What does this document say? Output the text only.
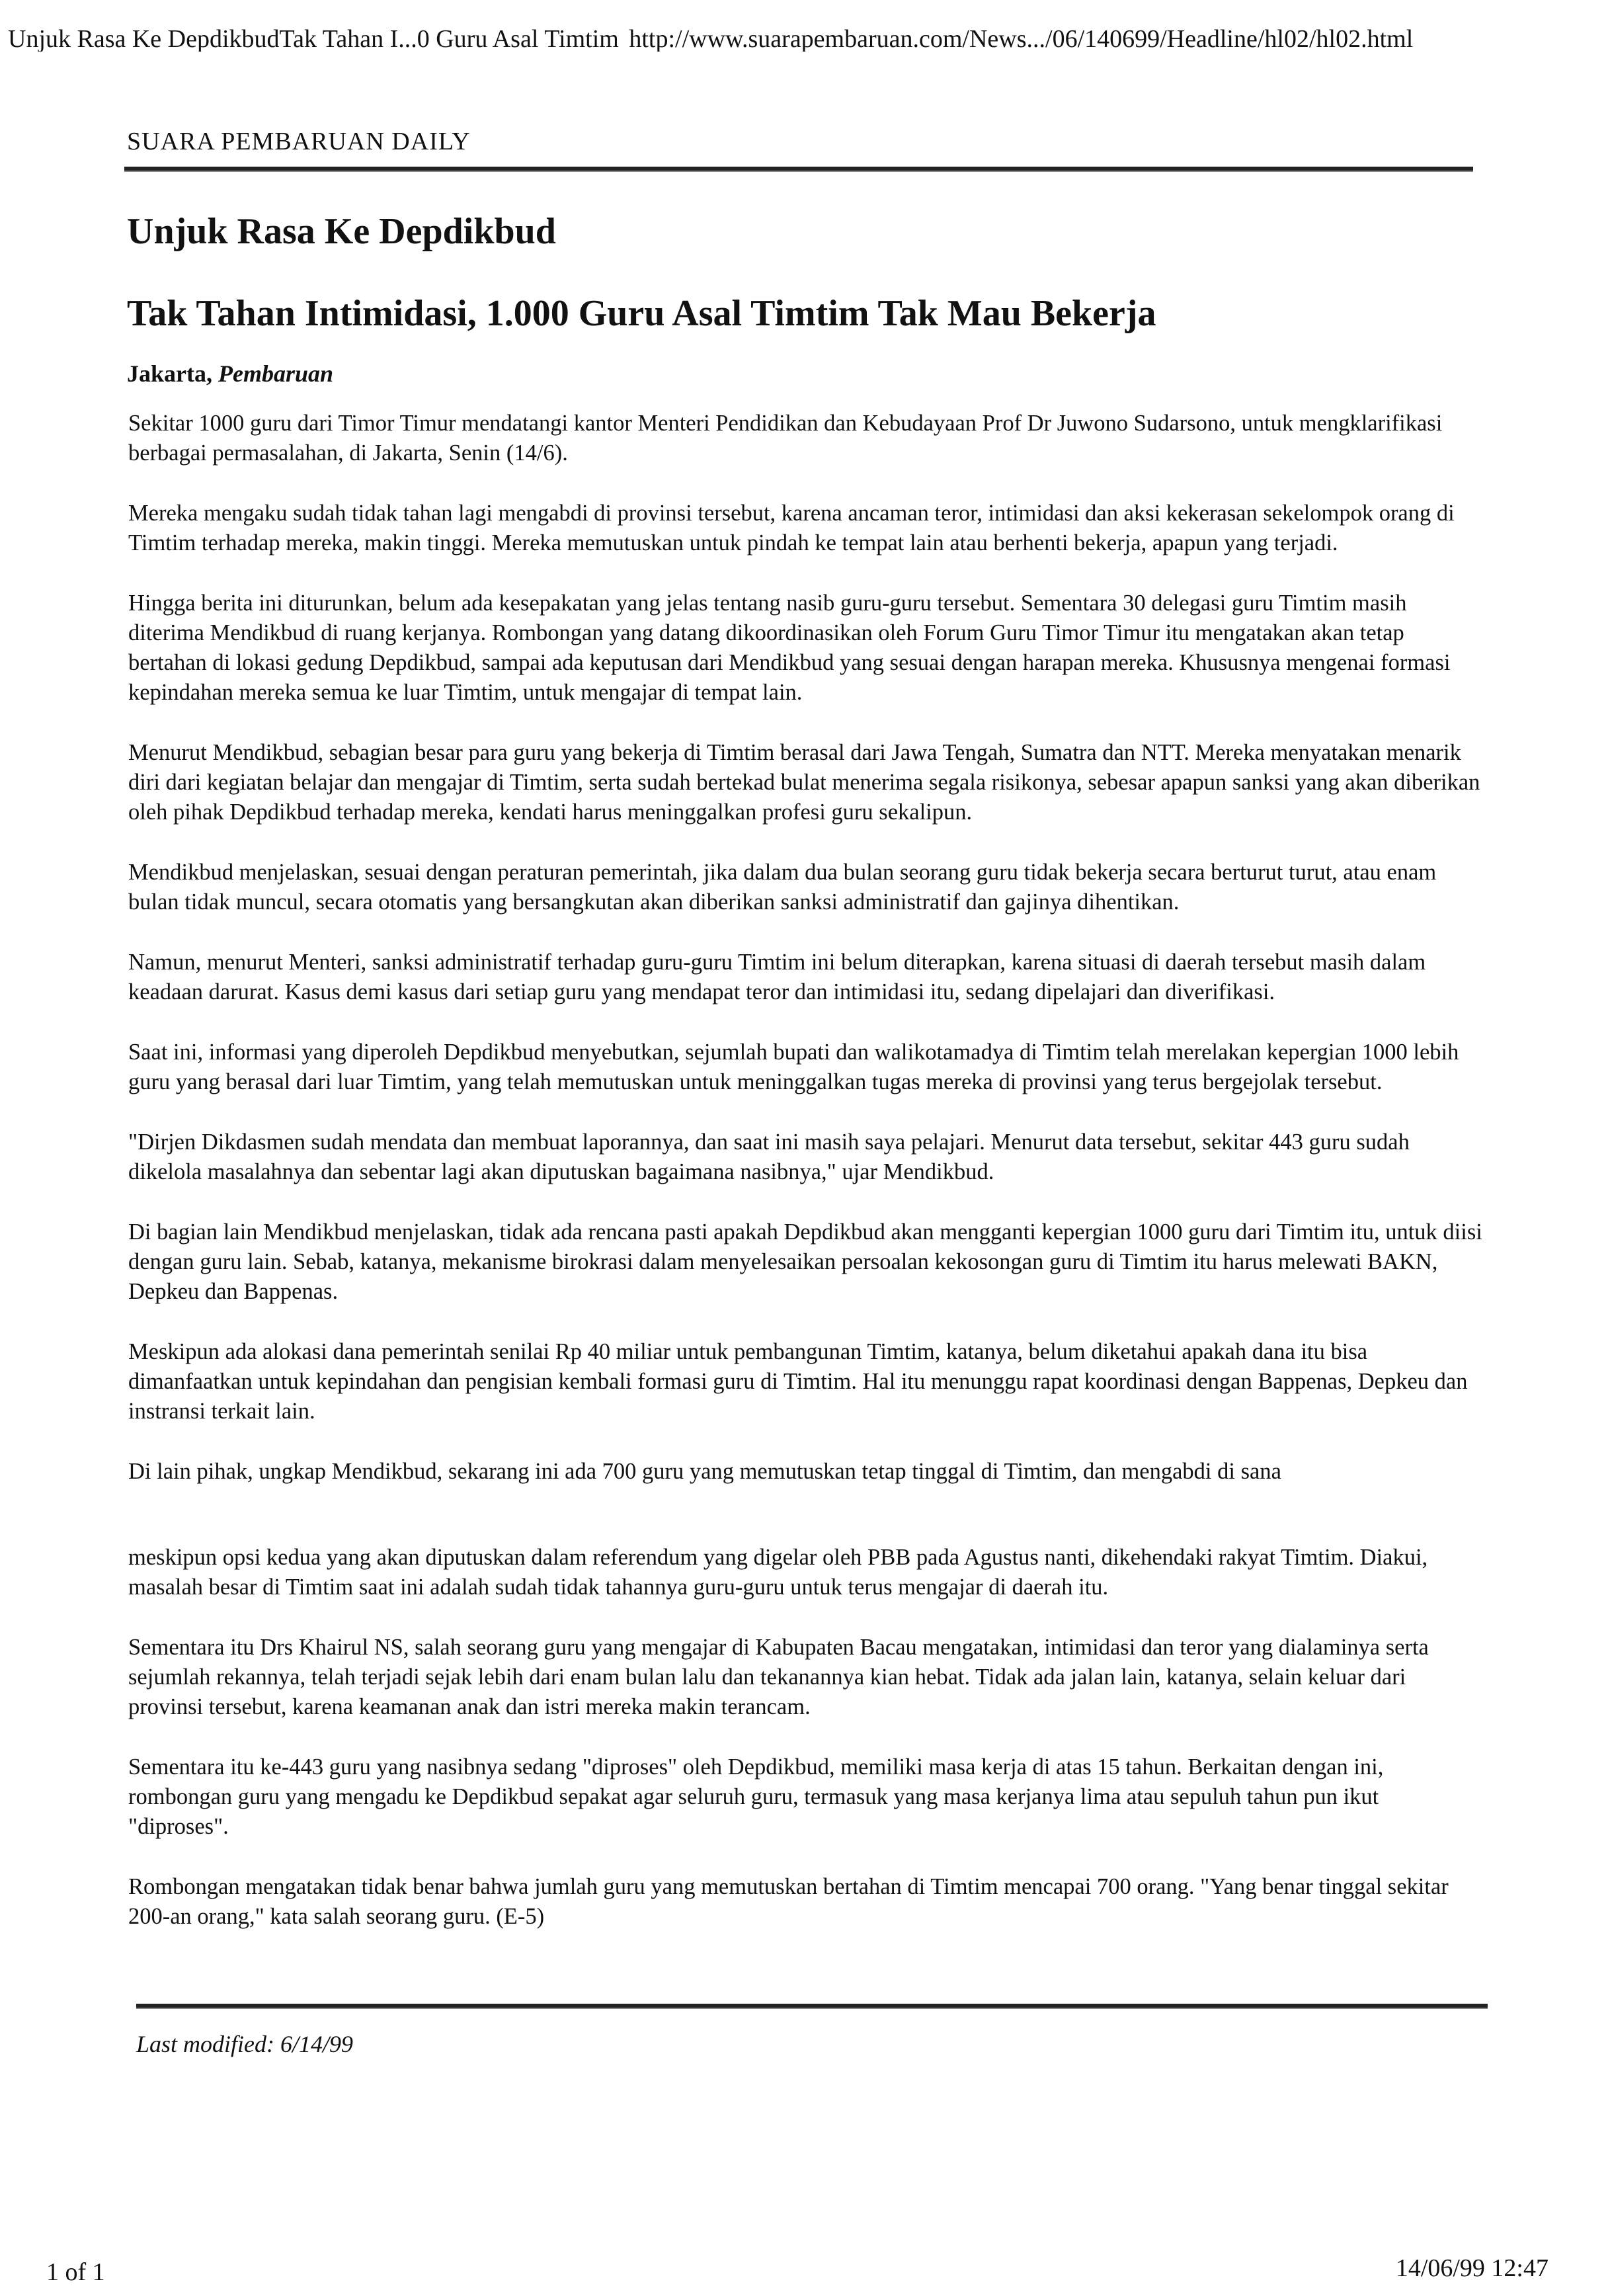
Unjuk Rasa Ke DepdikbudTak Tahan I...0 Guru Asal Timtim http://www.suarapembaruan.com/News.../06/140699/Headline/hl02/hl02.html
SUARA PEMBARUAN DAILY
Unjuk Rasa Ke Depdikbud
Tak Tahan Intimidasi, 1.000 Guru Asal Timtim Tak Mau Bekerja
Jakarta, Pembaruan

Sekitar 1000 guru dari Timor Timur mendatangi kantor Menteri Pendidikan dan Kebudayaan Prof Dr Juwono Sudarsono, untuk mengklarifikasi berbagai permasalahan, di Jakarta, Senin (14/6).

Mereka mengaku sudah tidak tahan lagi mengabdi di provinsi tersebut, karena ancaman teror, intimidasi dan aksi kekerasan sekelompok orang di Timtim terhadap mereka, makin tinggi. Mereka memutuskan untuk pindah ke tempat lain atau berhenti bekerja, apapun yang terjadi.

Hingga berita ini diturunkan, belum ada kesepakatan yang jelas tentang nasib guru-guru tersebut. Sementara 30 delegasi guru Timtim masih diterima Mendikbud di ruang kerjanya. Rombongan yang datang dikoordinasikan oleh Forum Guru Timor Timur itu mengatakan akan tetap bertahan di lokasi gedung Depdikbud, sampai ada keputusan dari Mendikbud yang sesuai dengan harapan mereka. Khususnya mengenai formasi kepindahan mereka semua ke luar Timtim, untuk mengajar di tempat lain.

Menurut Mendikbud, sebagian besar para guru yang bekerja di Timtim berasal dari Jawa Tengah, Sumatra dan NTT. Mereka menyatakan menarik diri dari kegiatan belajar dan mengajar di Timtim, serta sudah bertekad bulat menerima segala risikonya, sebesar apapun sanksi yang akan diberikan oleh pihak Depdikbud terhadap mereka, kendati harus meninggalkan profesi guru sekalipun.

Mendikbud menjelaskan, sesuai dengan peraturan pemerintah, jika dalam dua bulan seorang guru tidak bekerja secara berturut turut, atau enam bulan tidak muncul, secara otomatis yang bersangkutan akan diberikan sanksi administratif dan gajinya dihentikan.

Namun, menurut Menteri, sanksi administratif terhadap guru-guru Timtim ini belum diterapkan, karena situasi di daerah tersebut masih dalam keadaan darurat. Kasus demi kasus dari setiap guru yang mendapat teror dan intimidasi itu, sedang dipelajari dan diverifikasi.

Saat ini, informasi yang diperoleh Depdikbud menyebutkan, sejumlah bupati dan walikotamadya di Timtim telah merelakan kepergian 1000 lebih guru yang berasal dari luar Timtim, yang telah memutuskan untuk meninggalkan tugas mereka di provinsi yang terus bergejolak tersebut.

"Dirjen Dikdasmen sudah mendata dan membuat laporannya, dan saat ini masih saya pelajari. Menurut data tersebut, sekitar 443 guru sudah dikelola masalahnya dan sebentar lagi akan diputuskan bagaimana nasibnya," ujar Mendikbud.

Di bagian lain Mendikbud menjelaskan, tidak ada rencana pasti apakah Depdikbud akan mengganti kepergian 1000 guru dari Timtim itu, untuk diisi dengan guru lain. Sebab, katanya, mekanisme birokrasi dalam menyelesaikan persoalan kekosongan guru di Timtim itu harus melewati BAKN, Depkeu dan Bappenas.

Meskipun ada alokasi dana pemerintah senilai Rp 40 miliar untuk pembangunan Timtim, katanya, belum diketahui apakah dana itu bisa dimanfaatkan untuk kepindahan dan pengisian kembali formasi guru di Timtim. Hal itu menunggu rapat koordinasi dengan Bappenas, Depkeu dan instransi terkait lain.

Di lain pihak, ungkap Mendikbud, sekarang ini ada 700 guru yang memutuskan tetap tinggal di Timtim, dan mengabdi di sana

meskipun opsi kedua yang akan diputuskan dalam referendum yang digelar oleh PBB pada Agustus nanti, dikehendaki rakyat Timtim. Diakui, masalah besar di Timtim saat ini adalah sudah tidak tahannya guru-guru untuk terus mengajar di daerah itu.

Sementara itu Drs Khairul NS, salah seorang guru yang mengajar di Kabupaten Bacau mengatakan, intimidasi dan teror yang dialaminya serta sejumlah rekannya, telah terjadi sejak lebih dari enam bulan lalu dan tekanannya kian hebat. Tidak ada jalan lain, katanya, selain keluar dari provinsi tersebut, karena keamanan anak dan istri mereka makin terancam.

Sementara itu ke-443 guru yang nasibnya sedang "diproses" oleh Depdikbud, memiliki masa kerja di atas 15 tahun. Berkaitan dengan ini, rombongan guru yang mengadu ke Depdikbud sepakat agar seluruh guru, termasuk yang masa kerjanya lima atau sepuluh tahun pun ikut "diproses".

Rombongan mengatakan tidak benar bahwa jumlah guru yang memutuskan bertahan di Timtim mencapai 700 orang. "Yang benar tinggal sekitar 200-an orang," kata salah seorang guru. (E-5)

Last modified: 6/14/99
1 of 1	14/06/99 12:47
